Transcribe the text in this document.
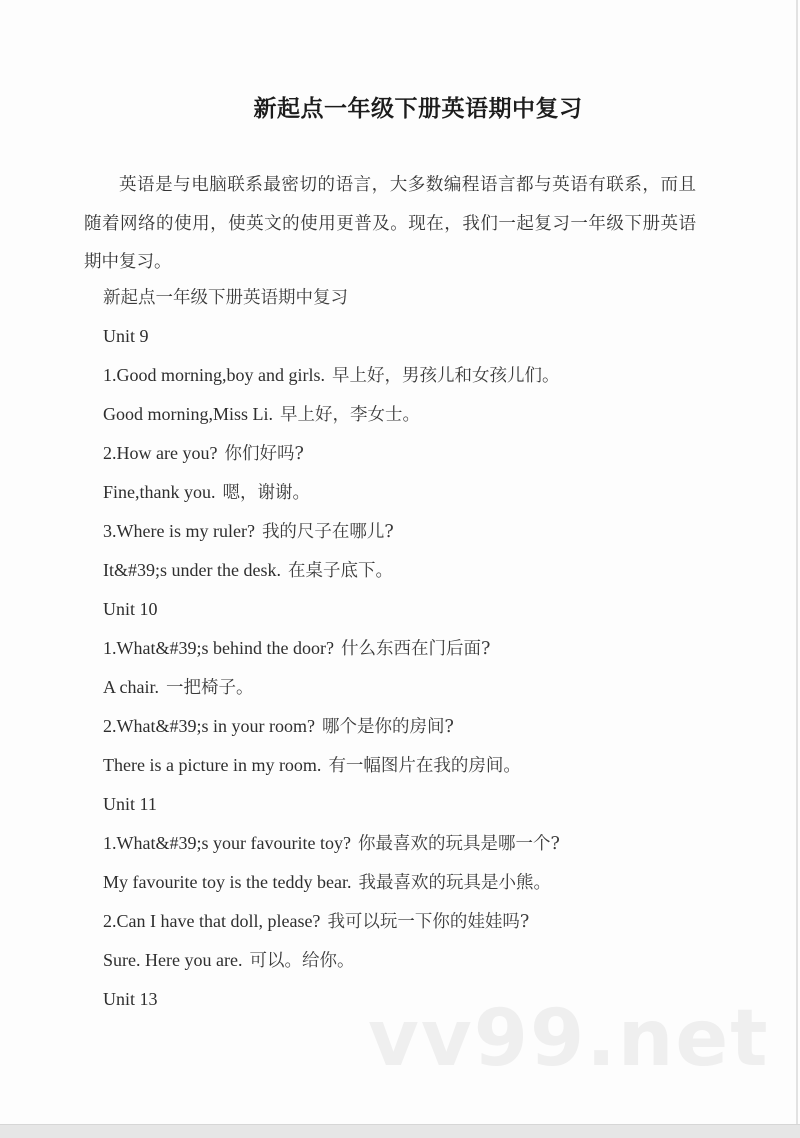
新起点一年级下册英语期中复习

英语是与电脑联系最密切的语言，大多数编程语言都与英语有联系，而且随着网络的使用，使英文的使用更普及。现在，我们一起复习一年级下册英语期中复习。

新起点一年级下册英语期中复习
Unit 9
1.Good morning,boy and girls. 早上好，男孩儿和女孩儿们。
Good morning,Miss Li. 早上好，李女士。
2.How are you? 你们好吗?
Fine,thank you. 嗯，谢谢。
3.Where is my ruler? 我的尺子在哪儿?
It&#39;s under the desk. 在桌子底下。
Unit 10
1.What&#39;s behind the door? 什么东西在门后面?
A chair. 一把椅子。
2.What&#39;s in your room? 哪个是你的房间?
There is a picture in my room. 有一幅图片在我的房间。
Unit 11
1.What&#39;s your favourite toy? 你最喜欢的玩具是哪一个?
My favourite toy is the teddy bear. 我最喜欢的玩具是小熊。
2.Can I have that doll, please? 我可以玩一下你的娃娃吗?
Sure. Here you are. 可以。给你。
Unit 13	vv99.net
